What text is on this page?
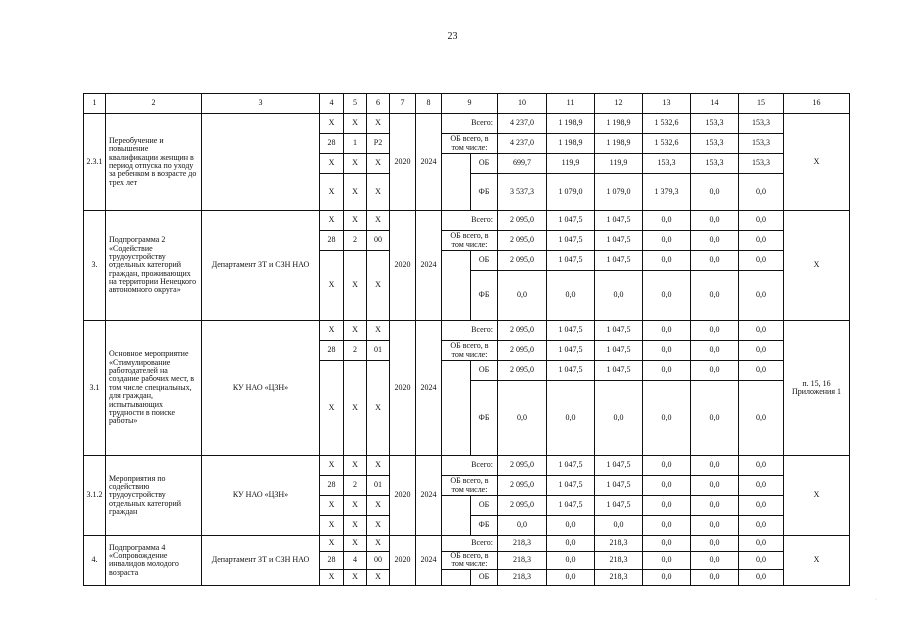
23
1	2	3	4	5	6	7	8	9		10	11	12	13	14	15	16
2.3.1	Переобучение и повышение квалификации женщин в период отпуска по уходу за ребенком в возрасте до трех лет		X	X	X	2020	2024	Всего:		4 237,0	1 198,9	1 198,9	1 532,6	153,3	153,3	X
			28	1	Р2			ОБ всего, в том числе:		4 237,0	1 198,9	1 198,9	1 532,6	153,3	153,3	
			X	X	X				ОБ	699,7	119,9	119,9	153,3	153,3	153,3	
			X	X	X				ФБ	3 537,3	1 079,0	1 079,0	1 379,3	0,0	0,0	
3.	Подпрограмма 2 «Содействие трудоустройству отдельных категорий граждан, проживающих на территории Ненецкого автономного округа»	Департамент ЗТ и СЗН НАО	X	X	X	2020	2024	Всего:		2 095,0	1 047,5	1 047,5	0,0	0,0	0,0	X
			28	2	00			ОБ всего, в том числе:		2 095,0	1 047,5	1 047,5	0,0	0,0	0,0	
			X	X	X				ОБ	2 095,0	1 047,5	1 047,5	0,0	0,0	0,0	
									ФБ	0,0	0,0	0,0	0,0	0,0	0,0	
3.1	Основное мероприятие «Стимулирование работодателей на создание рабочих мест, в том числе специальных, для граждан, испытывающих трудности в поиске работы»	КУ НАО «ЦЗН»	X	X	X	2020	2024	Всего:		2 095,0	1 047,5	1 047,5	0,0	0,0	0,0	п. 15, 16 Приложения 1
			28	2	01			ОБ всего, в том числе:		2 095,0	1 047,5	1 047,5	0,0	0,0	0,0	
			X	X	X				ОБ	2 095,0	1 047,5	1 047,5	0,0	0,0	0,0	
									ФБ	0,0	0,0	0,0	0,0	0,0	0,0	
3.1.2	Мероприятия по содействию трудоустройству отдельных категорий граждан	КУ НАО «ЦЗН»	X	X	X	2020	2024	Всего:		2 095,0	1 047,5	1 047,5	0,0	0,0	0,0	X
			28	2	01			ОБ всего, в том числе:		2 095,0	1 047,5	1 047,5	0,0	0,0	0,0	
			X	X	X				ОБ	2 095,0	1 047,5	1 047,5	0,0	0,0	0,0	
			X	X	X				ФБ	0,0	0,0	0,0	0,0	0,0	0,0	
4.	Подпрограмма 4 «Сопровождение инвалидов молодого возраста	Департамент ЗТ и СЗН НАО	X	X	X	2020	2024	Всего:		218,3	0,0	218,3	0,0	0,0	0,0	X
			28	4	00			ОБ всего, в том числе:		218,3	0,0	218,3	0,0	0,0	0,0	
			X	X	X				ОБ	218,3	0,0	218,3	0,0	0,0	0,0	
·
